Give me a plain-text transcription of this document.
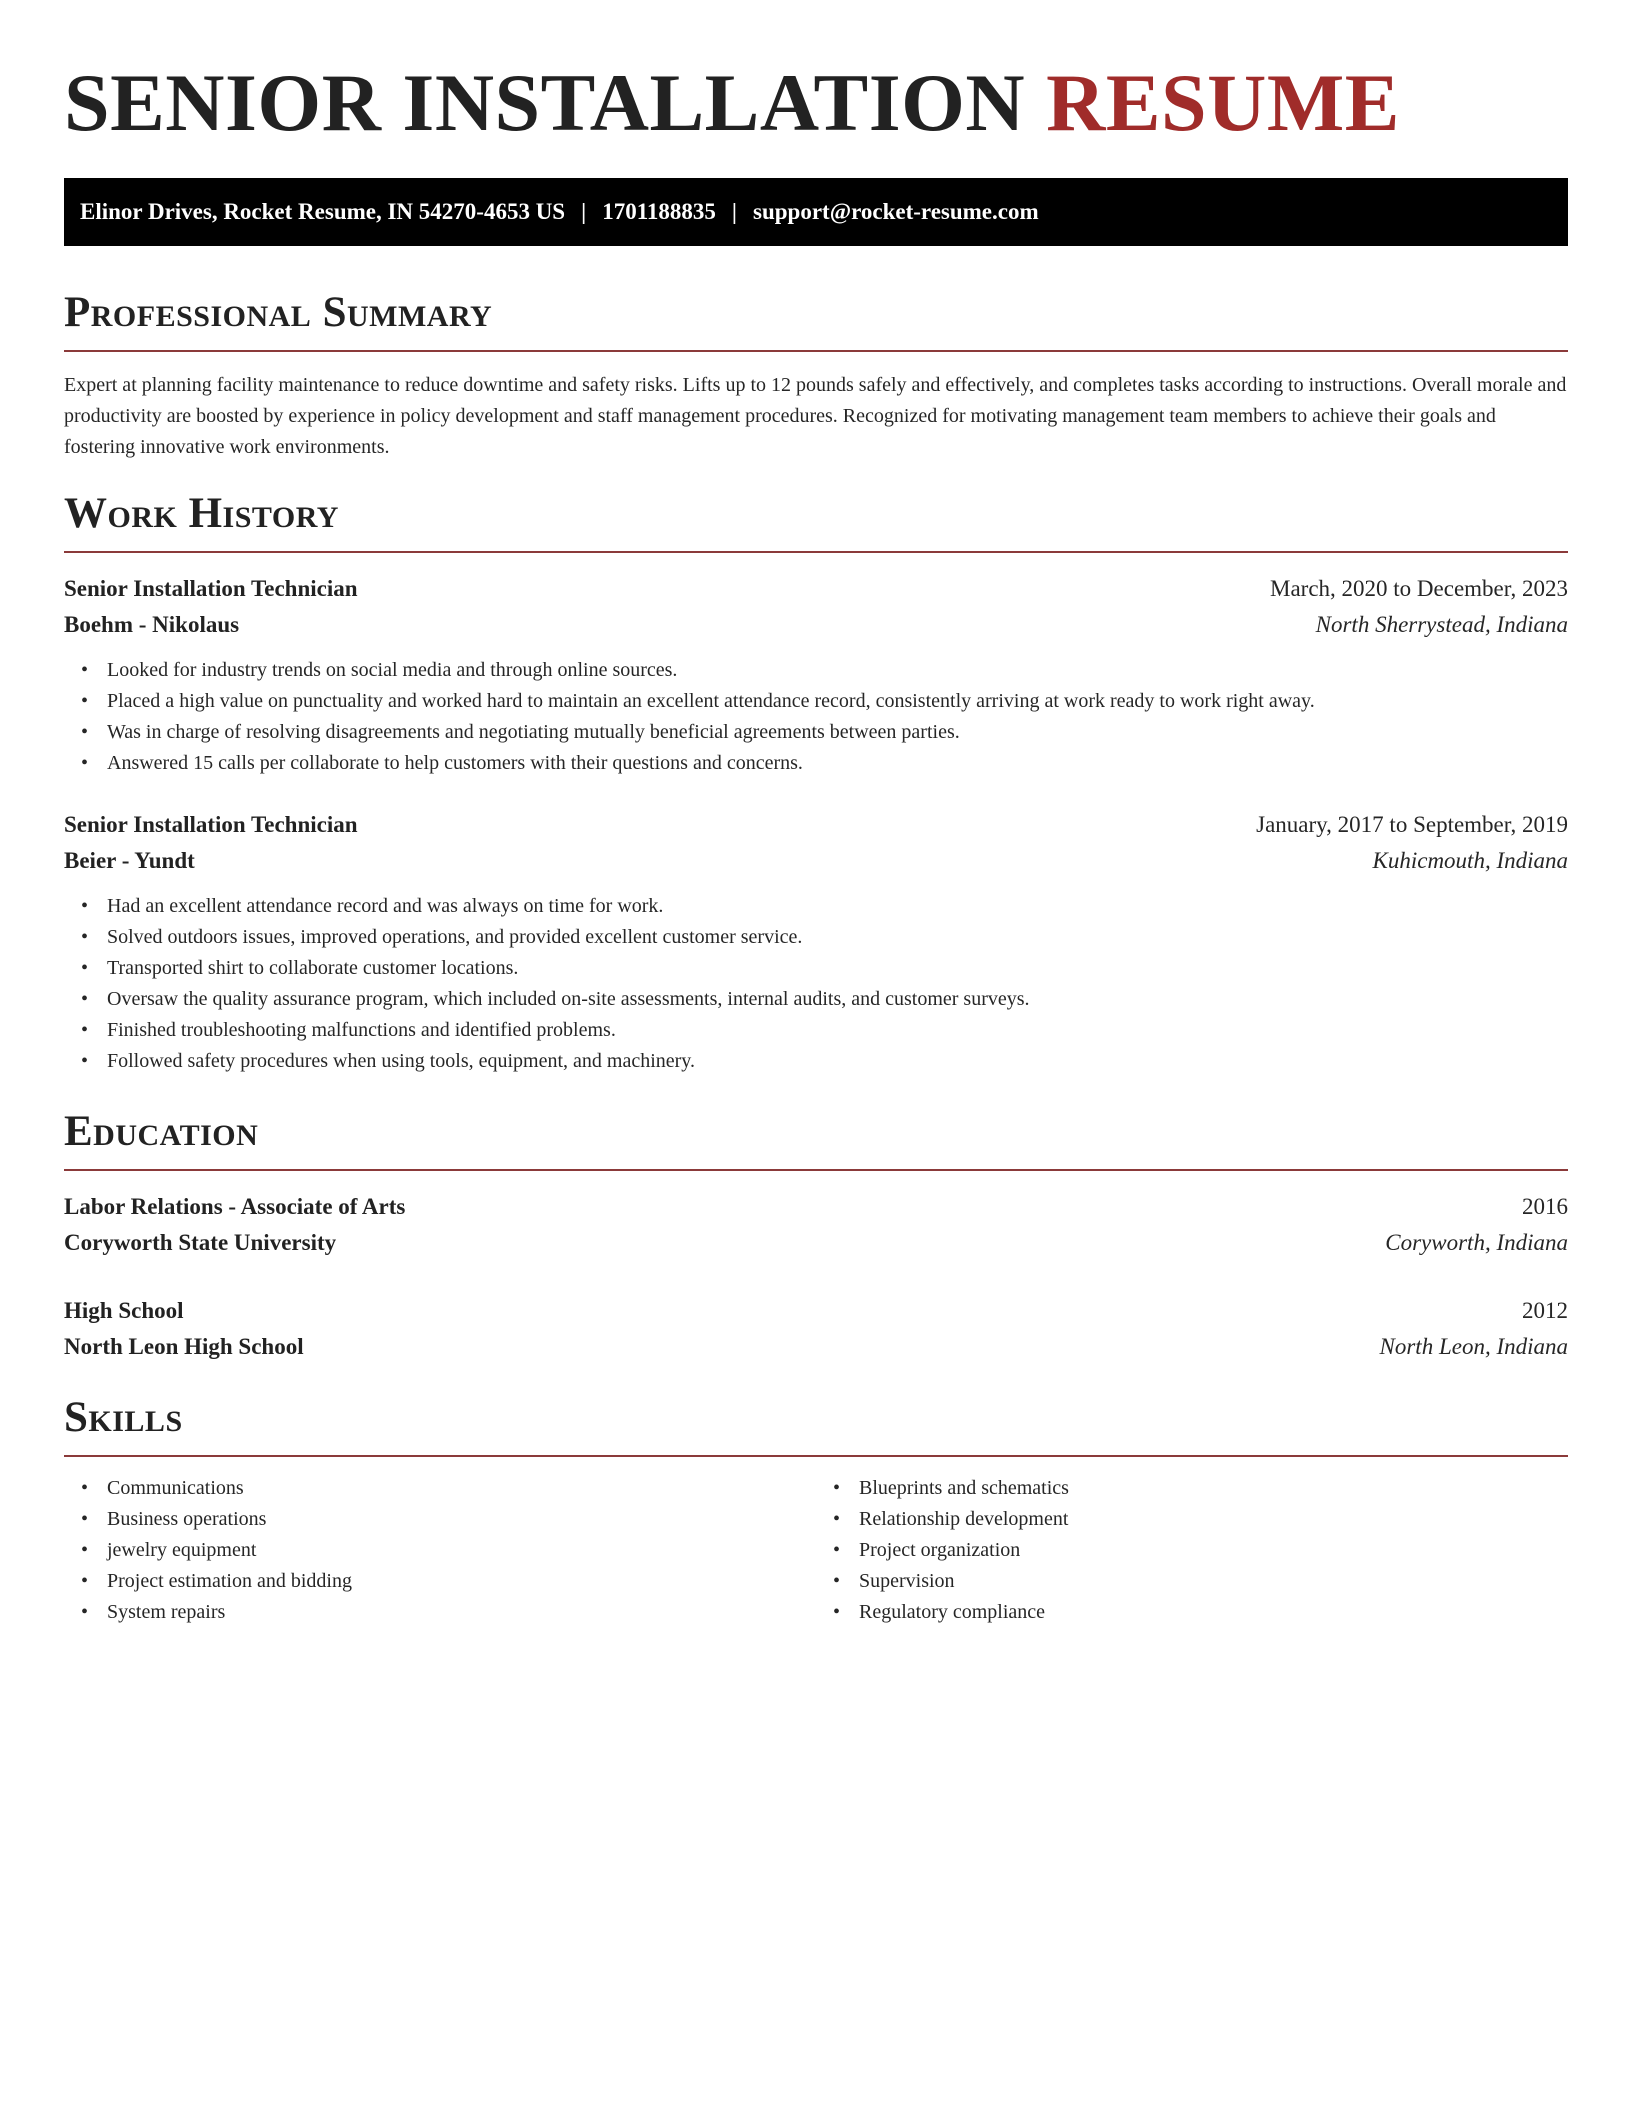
SENIOR INSTALLATION RESUME
Elinor Drives, Rocket Resume, IN 54270-4653 US | 1701188835 | support@rocket-resume.com
Professional Summary

Expert at planning facility maintenance to reduce downtime and safety risks. Lifts up to 12 pounds safely and effectively, and completes tasks according to instructions. Overall morale and productivity are boosted by experience in policy development and staff management procedures. Recognized for motivating management team members to achieve their goals and fostering innovative work environments.

Work History
Senior Installation Technician	March, 2020 to December, 2023
Boehm - Nikolaus	North Sherrystead, Indiana
• Looked for industry trends on social media and through online sources.
• Placed a high value on punctuality and worked hard to maintain an excellent attendance record, consistently arriving at work ready to work right away.
• Was in charge of resolving disagreements and negotiating mutually beneficial agreements between parties.
• Answered 15 calls per collaborate to help customers with their questions and concerns.
Senior Installation Technician	January, 2017 to September, 2019
Beier - Yundt	Kuhicmouth, Indiana
• Had an excellent attendance record and was always on time for work.
• Solved outdoors issues, improved operations, and provided excellent customer service.
• Transported shirt to collaborate customer locations.
• Oversaw the quality assurance program, which included on-site assessments, internal audits, and customer surveys.
• Finished troubleshooting malfunctions and identified problems.
• Followed safety procedures when using tools, equipment, and machinery.
Education
Labor Relations - Associate of Arts	2016
Coryworth State University	Coryworth, Indiana
High School	2012
North Leon High School	North Leon, Indiana
Skills
• Communications
• Business operations
• jewelry equipment
• Project estimation and bidding
• System repairs
• Blueprints and schematics
• Relationship development
• Project organization
• Supervision
• Regulatory compliance
